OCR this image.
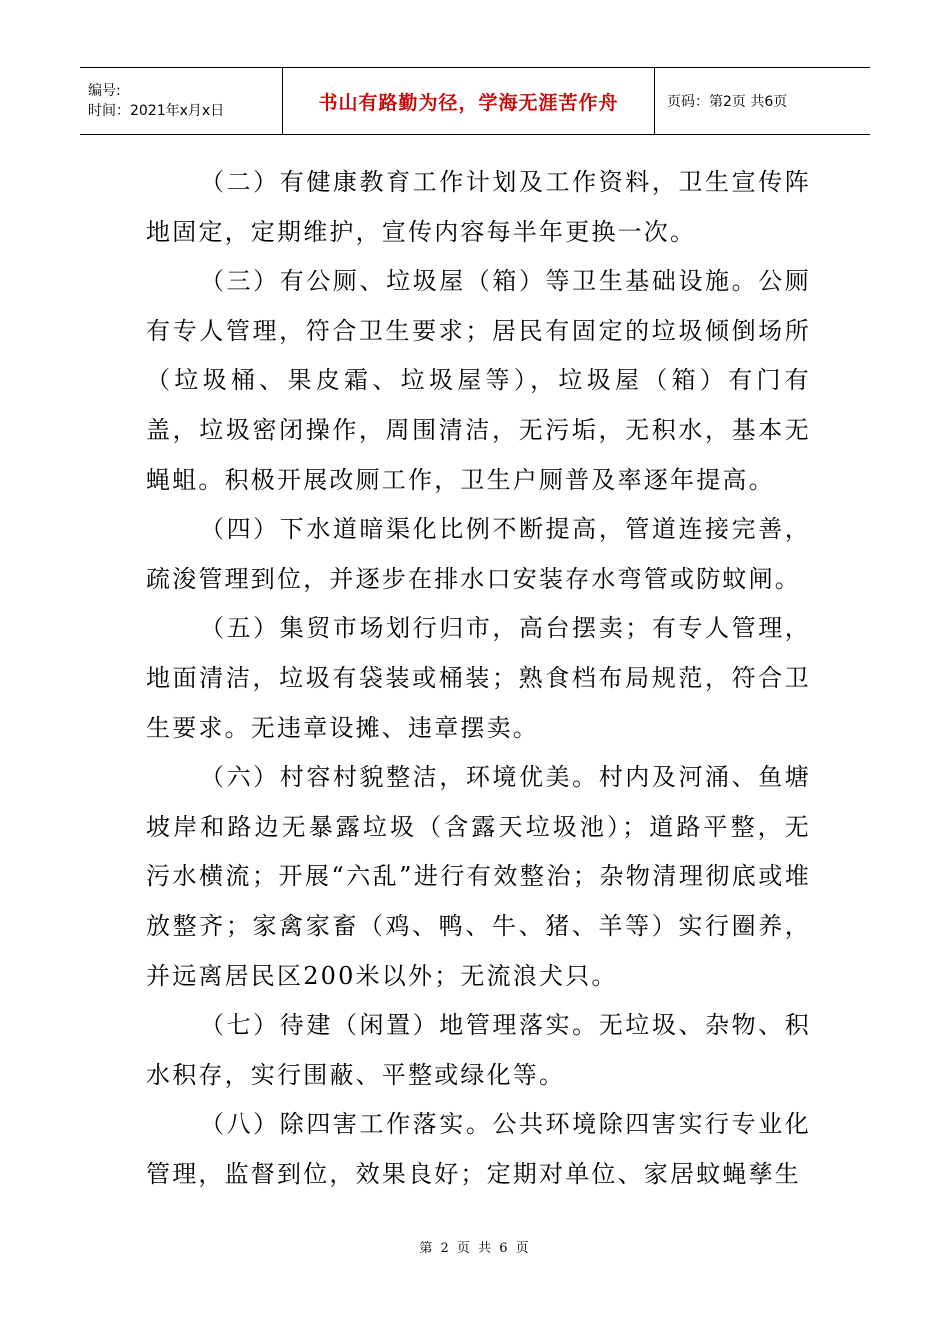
编号:
时间：2021年x月x日	书山有路勤为径，学海无涯苦作舟	页码：第2页 共6页

（二）有健康教育工作计划及工作资料，卫生宣传阵地固定，定期维护，宣传内容每半年更换一次。

（三）有公厕、垃圾屋（箱）等卫生基础设施。公厕有专人管理，符合卫生要求；居民有固定的垃圾倾倒场所（垃圾桶、果皮霜、垃圾屋等），垃圾屋（箱）有门有盖，垃圾密闭操作，周围清洁，无污垢，无积水，基本无蝇蛆。积极开展改厕工作，卫生户厕普及率逐年提高。

（四）下水道暗渠化比例不断提高，管道连接完善，疏浚管理到位，并逐步在排水口安装存水弯管或防蚊闸。

（五）集贸市场划行归市，高台摆卖；有专人管理，地面清洁，垃圾有袋装或桶装；熟食档布局规范，符合卫生要求。无违章设摊、违章摆卖。

（六）村容村貌整洁，环境优美。村内及河涌、鱼塘坡岸和路边无暴露垃圾（含露天垃圾池）；道路平整，无污水横流；开展“六乱”进行有效整治；杂物清理彻底或堆放整齐；家禽家畜（鸡、鸭、牛、猪、羊等）实行圈养，并远离居民区200米以外；无流浪犬只。

（七）待建（闲置）地管理落实。无垃圾、杂物、积水积存，实行围蔽、平整或绿化等。

（八）除四害工作落实。公共环境除四害实行专业化管理，监督到位，效果良好；定期对单位、家居蚊蝇孳生

第 2 页 共 6 页
